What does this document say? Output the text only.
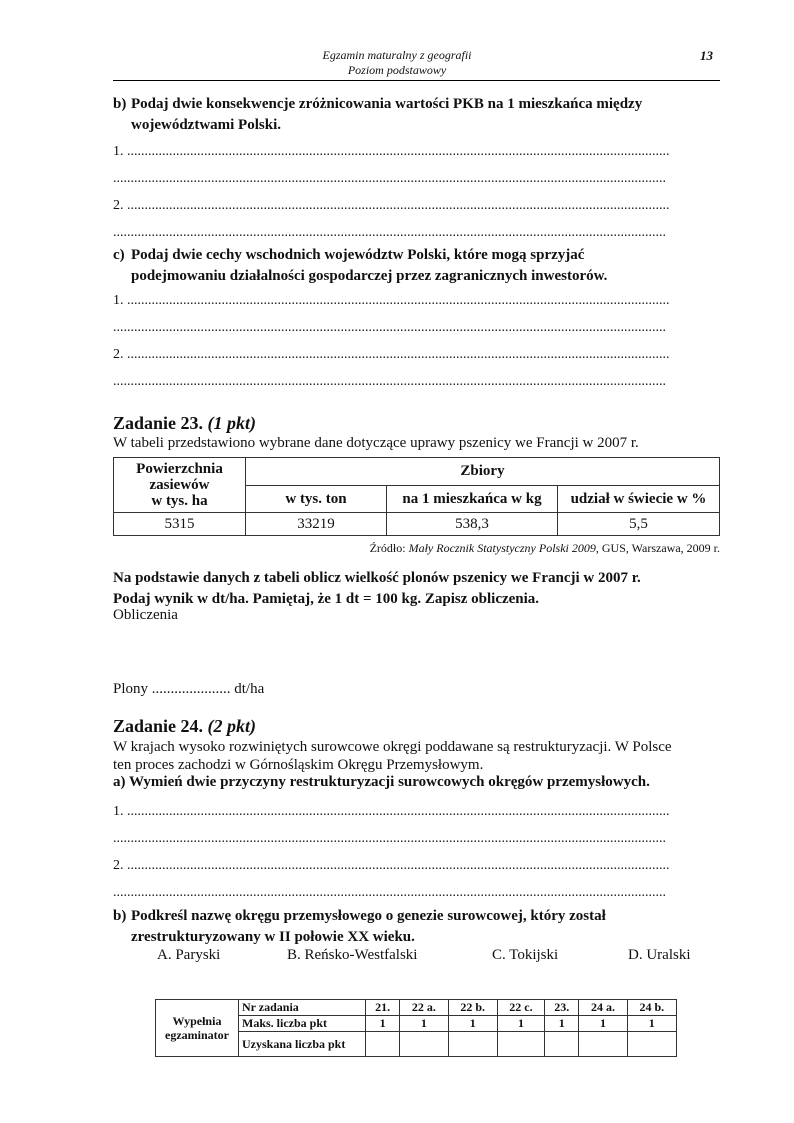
Egzamin maturalny z geografii
Poziom podstawowy
13
b) Podaj dwie konsekwencje zróżnicowania wartości PKB na 1 mieszkańca między
województwami Polski.
1. ...........................................................................................................................................................
..............................................................................................................................................................
2. ...........................................................................................................................................................
..............................................................................................................................................................
c) Podaj dwie cechy wschodnich województw Polski, które mogą sprzyjać
podejmowaniu działalności gospodarczej przez zagranicznych inwestorów.
1. ...........................................................................................................................................................
..............................................................................................................................................................
2. ...........................................................................................................................................................
..............................................................................................................................................................
Zadanie 23. (1 pkt)
W tabeli przedstawiono wybrane dane dotyczące uprawy pszenicy we Francji w 2007 r.
Powierzchnia
zasiewów
w tys. ha	Zbiory		
	w tys. ton	na 1 mieszkańca w kg	udział w świecie w %
5315	33219	538,3	5,5
Źródło: Mały Rocznik Statystyczny Polski 2009, GUS, Warszawa, 2009 r.
Na podstawie danych z tabeli oblicz wielkość plonów pszenicy we Francji w 2007 r.
Podaj wynik w dt/ha. Pamiętaj, że 1 dt = 100 kg. Zapisz obliczenia.
Obliczenia
Plony ..................... dt/ha
Zadanie 24. (2 pkt)
W krajach wysoko rozwiniętych surowcowe okręgi poddawane są restrukturyzacji. W Polsce
ten proces zachodzi w Górnośląskim Okręgu Przemysłowym.
a) Wymień dwie przyczyny restrukturyzacji surowcowych okręgów przemysłowych.
1. ...........................................................................................................................................................
..............................................................................................................................................................
2. ...........................................................................................................................................................
..............................................................................................................................................................
b) Podkreśl nazwę okręgu przemysłowego o genezie surowcowej, który został
zrestrukturyzowany w II połowie XX wieku.
A. Paryski	B. Reńsko-Westfalski	C. Tokijski	D. Uralski
Wypełnia
egzaminator	Nr zadania	21.	22 a.	22 b.	22 c.	23.	24 a.	24 b.
	Maks. liczba pkt	1	1	1	1	1	1	1
	Uzyskana liczba pkt							
